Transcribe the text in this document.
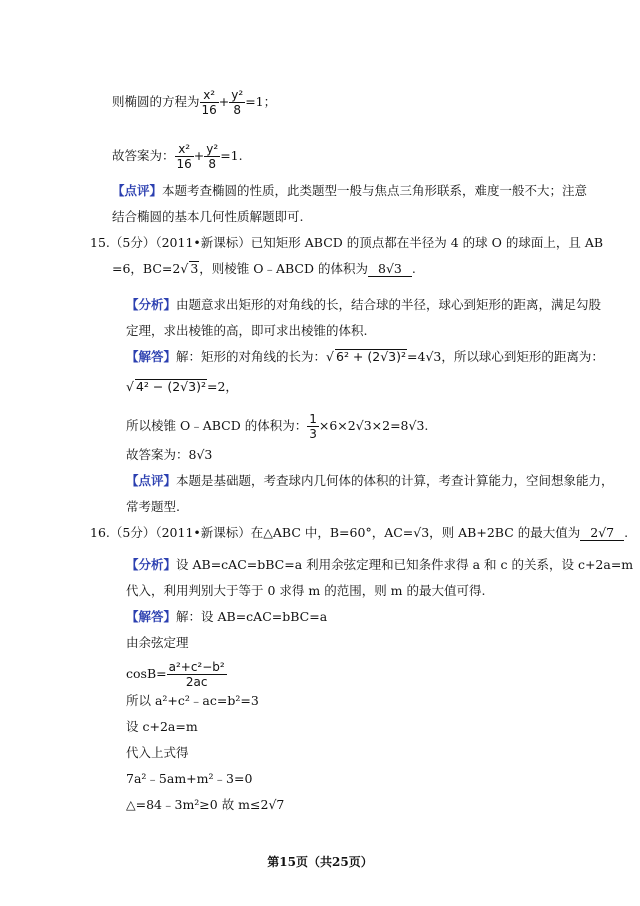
则椭圆的方程为 $\frac{\text{x²}}{16} + \frac{\text{y²}}{8} =1$；
故答案为： $\frac{\text{x²}}{16} + \frac{\text{y²}}{8} =1$.
【点评】本题考查椭圆的性质，此类题型一般与焦点三角形联系，难度一般不大；注意
结合椭圆的基本几何性质解题即可.
15.（5分）（2011•新课标）已知矩形 ABCD 的顶点都在半径为 4 的球 O 的球面上，且 AB
=6，BC=2√ 3，则棱锥 O﹣ABCD 的体积为 8√3 .
【分析】由题意求出矩形的对角线的长，结合球的半径，球心到矩形的距离，满足勾股
定理，求出棱锥的高，即可求出棱锥的体积.
【解答】解：矩形的对角线的长为：√ 6² + (2√3)²=4√3，所以球心到矩形的距离为：
√ 4² − (2√3)²=2，
所以棱锥 O﹣ABCD 的体积为： $\frac{1}{3} \times 6\times 2√3\times 2=8√3$.
故答案为：8√3
【点评】本题是基础题，考查球内几何体的体积的计算，考查计算能力，空间想象能力，
常考题型.
16.（5分）（2011•新课标）在△ABC 中，B=60°，AC=√3，则 AB+2BC 的最大值为 2√7 .
【分析】设 AB=cAC=bBC=a 利用余弦定理和已知条件求得 a 和 c 的关系，设 c+2a=m
代入，利用判别大于等于 0 求得 m 的范围，则 m 的最大值可得.
【解答】解：设 AB=cAC=bBC=a
由余弦定理
$\cos B= \frac{\text{a²+c²−b²}}{2ac}$
所以 a²+c²﹣ac=b²=3
设 c+2a=m
代入上式得
7a²﹣5am+m²﹣3=0
△=84﹣3m²≥0 故 m≤2√7
第15页（共25页）
